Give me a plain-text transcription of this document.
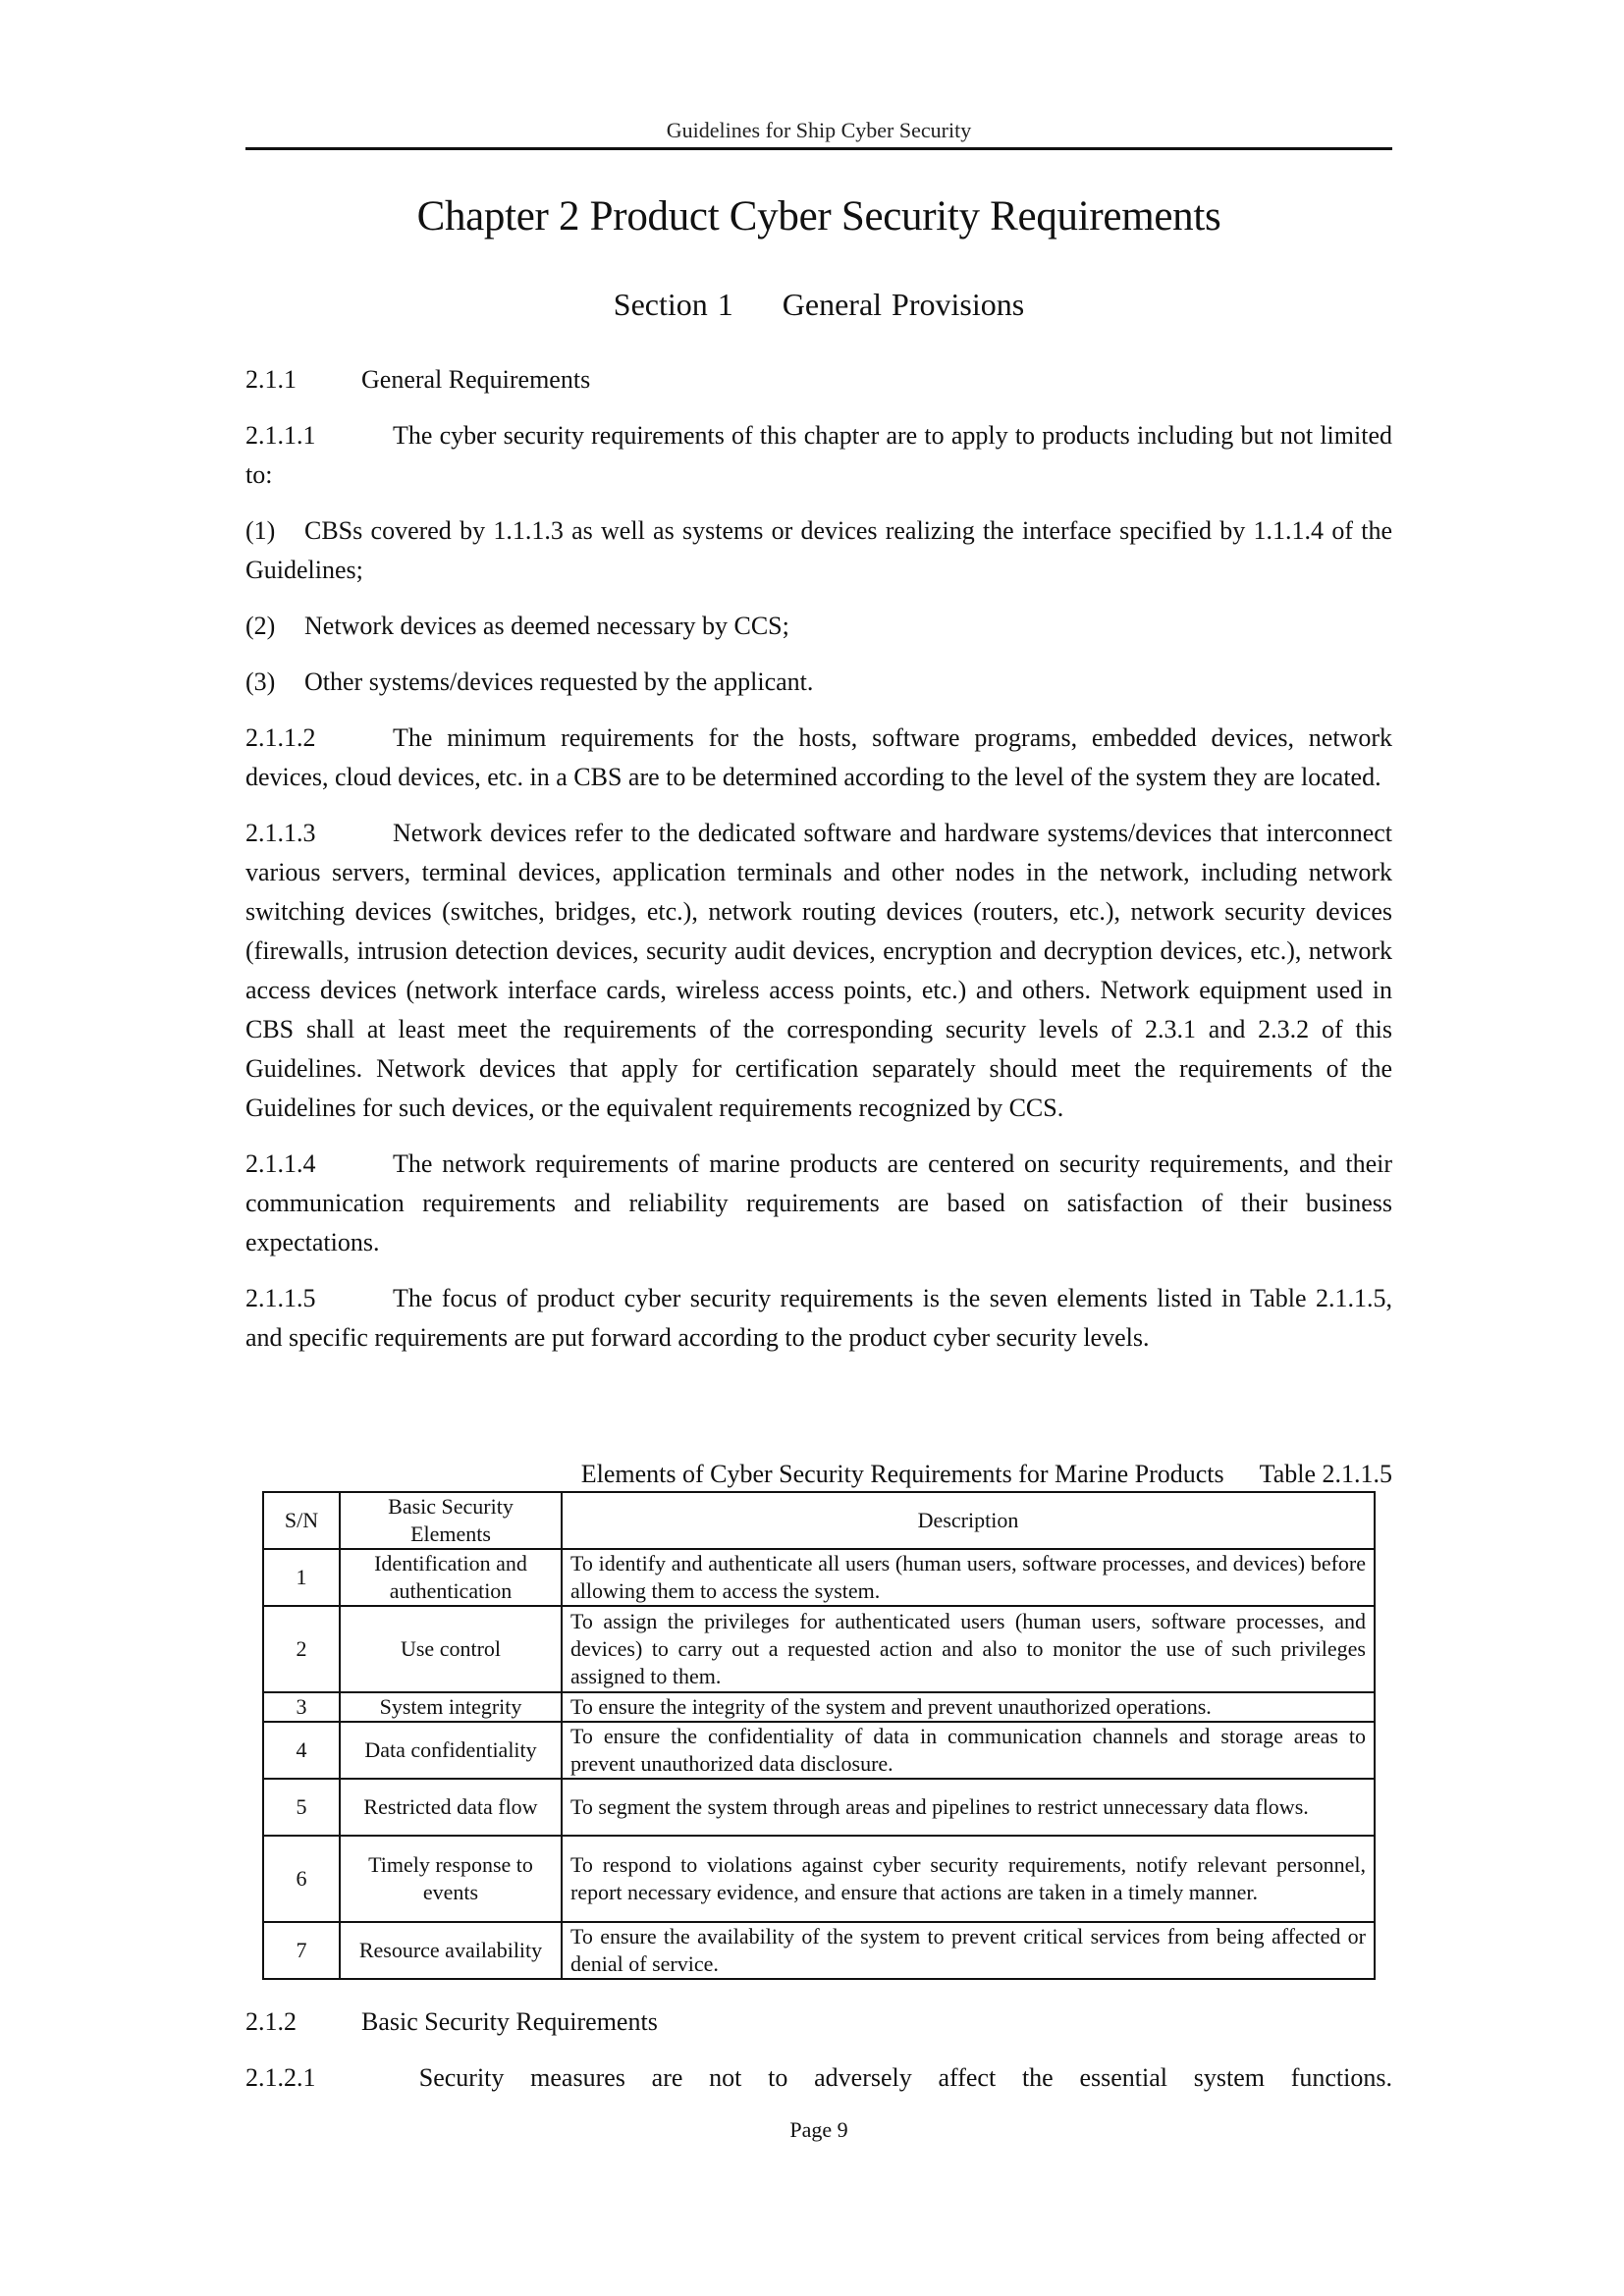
Guidelines for Ship Cyber Security
Chapter 2 Product Cyber Security Requirements
Section 1 General Provisions

2.1.1	General Requirements

2.1.1.1	The cyber security requirements of this chapter are to apply to products including but not limited to:

(1) CBSs covered by 1.1.1.3 as well as systems or devices realizing the interface specified by 1.1.1.4 of the Guidelines;

(2) Network devices as deemed necessary by CCS;

(3) Other systems/devices requested by the applicant.

2.1.1.2	The minimum requirements for the hosts, software programs, embedded devices, network devices, cloud devices, etc. in a CBS are to be determined according to the level of the system they are located.

2.1.1.3	Network devices refer to the dedicated software and hardware systems/devices that interconnect various servers, terminal devices, application terminals and other nodes in the network, including network switching devices (switches, bridges, etc.), network routing devices (routers, etc.), network security devices (firewalls, intrusion detection devices, security audit devices, encryption and decryption devices, etc.), network access devices (network interface cards, wireless access points, etc.) and others. Network equipment used in CBS shall at least meet the requirements of the corresponding security levels of 2.3.1 and 2.3.2 of this Guidelines. Network devices that apply for certification separately should meet the requirements of the Guidelines for such devices, or the equivalent requirements recognized by CCS.

2.1.1.4	The network requirements of marine products are centered on security requirements, and their communication requirements and reliability requirements are based on satisfaction of their business expectations.

2.1.1.5	The focus of product cyber security requirements is the seven elements listed in Table 2.1.1.5, and specific requirements are put forward according to the product cyber security levels.

Elements of Cyber Security Requirements for Marine Products Table 2.1.1.5
S/N	Basic Security Elements	Description
1	Identification and authentication	To identify and authenticate all users (human users, software processes, and devices) before allowing them to access the system.
2	Use control	To assign the privileges for authenticated users (human users, software processes, and devices) to carry out a requested action and also to monitor the use of such privileges assigned to them.
3	System integrity	To ensure the integrity of the system and prevent unauthorized operations.
4	Data confidentiality	To ensure the confidentiality of data in communication channels and storage areas to prevent unauthorized data disclosure.
5	Restricted data flow	To segment the system through areas and pipelines to restrict unnecessary data flows.
6	Timely response to events	To respond to violations against cyber security requirements, notify relevant personnel, report necessary evidence, and ensure that actions are taken in a timely manner.
7	Resource availability	To ensure the availability of the system to prevent critical services from being affected or denial of service.

2.1.2	Basic Security Requirements

2.1.2.1	Security measures are not to adversely affect the essential system functions.
Page 9
